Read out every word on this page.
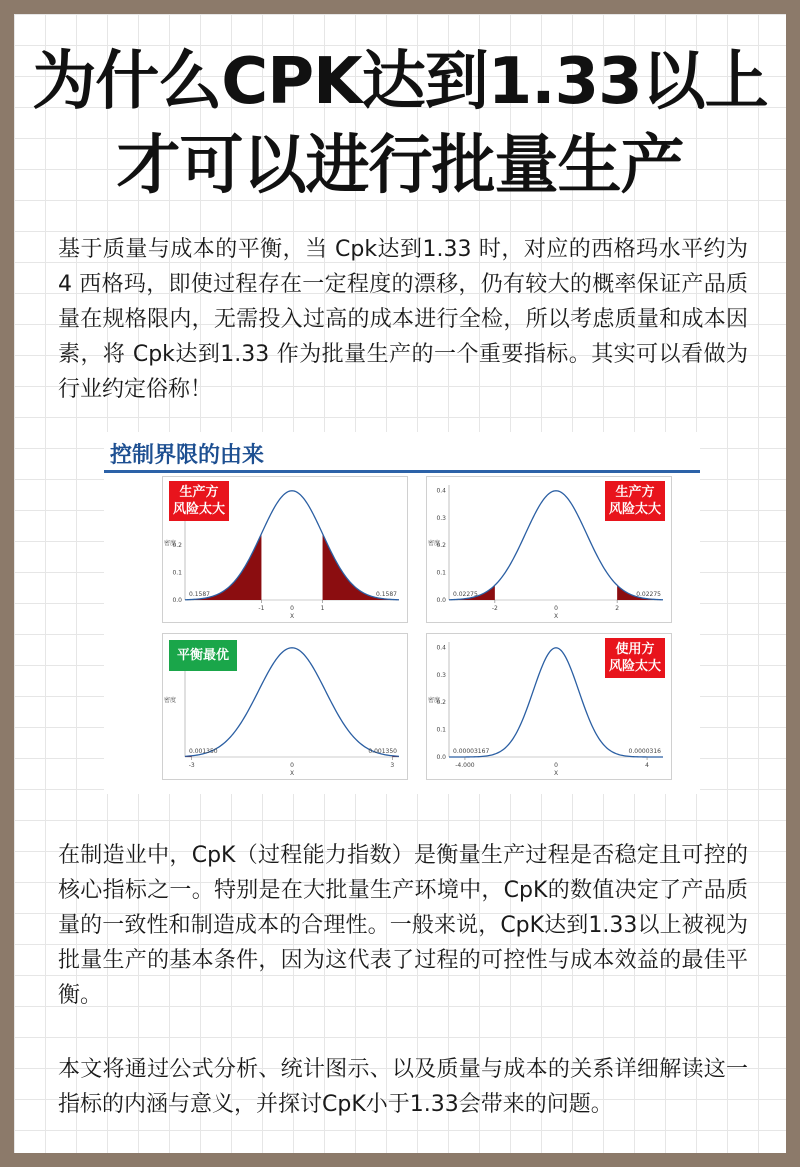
为什么CPK达到1.33以上
才可以进行批量生产
基于质量与成本的平衡，当 Cpk达到1.33 时，对应的西格玛水平约为 4 西格玛，即使过程存在一定程度的漂移，仍有较大的概率保证产品质量在规格限内，无需投入过高的成本进行全检，所以考虑质量和成本因素，将 Cpk达到1.33 作为批量生产的一个重要指标。其实可以看做为行业约定俗称！
控制界限的由来
-1	0	1
X
0.2
0.1
0.0
密度
0.1587	0.1587
生产方
风险太大
-2	0	2
X
0.4
0.3
0.2
0.1
0.0
密度
0.02275	0.02275
生产方
风险太大
-3	0	3
X
密度
0.001350	0.001350
平衡最优
-4.000	0	4
X
0.4
0.3
0.2
0.1
0.0
密度
0.00003167	0.0000316
使用方
风险太大
在制造业中，CpK（过程能力指数）是衡量生产过程是否稳定且可控的核心指标之一。特别是在大批量生产环境中，CpK的数值决定了产品质量的一致性和制造成本的合理性。一般来说，CpK达到1.33以上被视为批量生产的基本条件，因为这代表了过程的可控性与成本效益的最佳平衡。
本文将通过公式分析、统计图示、以及质量与成本的关系详细解读这一指标的内涵与意义，并探讨CpK小于1.33会带来的问题。
